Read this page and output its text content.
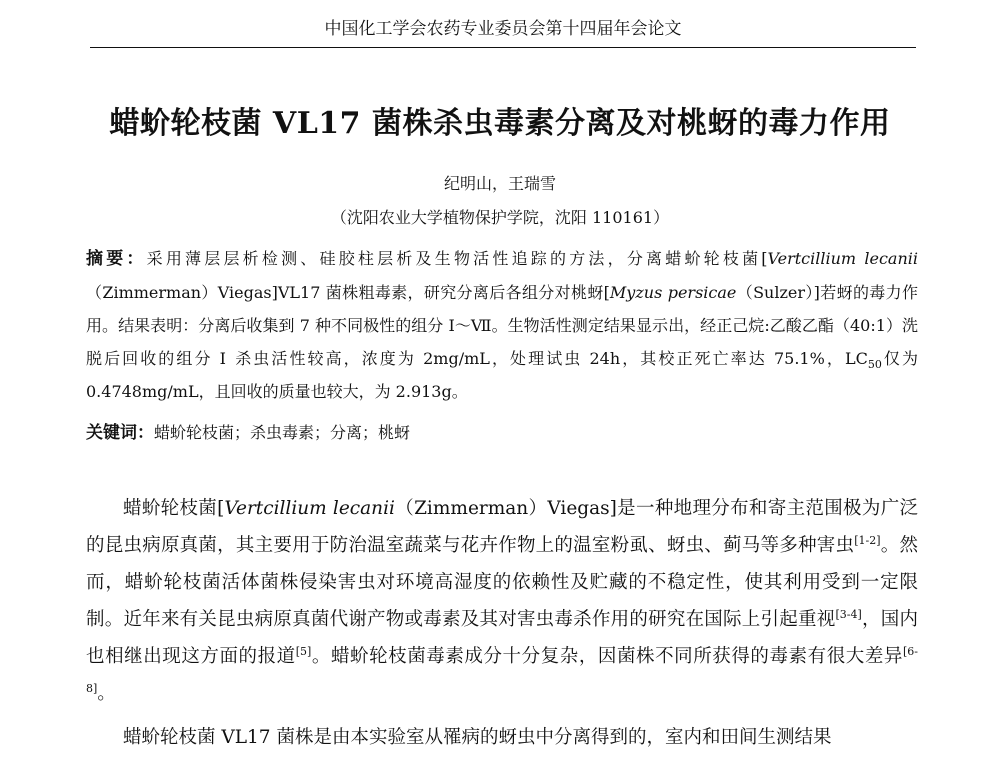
中国化工学会农药专业委员会第十四届年会论文
蜡蚧轮枝菌 VL17 菌株杀虫毒素分离及对桃蚜的毒力作用
纪明山，王瑞雪
（沈阳农业大学植物保护学院，沈阳 110161）
摘要：采用薄层层析检测、硅胶柱层析及生物活性追踪的方法，分离蜡蚧轮枝菌[Vertcillium lecanii（Zimmerman）Viegas]VL17 菌株粗毒素，研究分离后各组分对桃蚜[Myzus persicae（Sulzer）]若蚜的毒力作用。结果表明：分离后收集到 7 种不同极性的组分 Ⅰ～Ⅶ。生物活性测定结果显示出，经正己烷:乙酸乙酯（40:1）洗脱后回收的组分 Ⅰ 杀虫活性较高，浓度为 2mg/mL，处理试虫 24h，其校正死亡率达 75.1%，$LC_{50}$仅为 0.4748mg/mL，且回收的质量也较大，为 2.913g。
关键词：蜡蚧轮枝菌；杀虫毒素；分离；桃蚜

蜡蚧轮枝菌[Vertcillium lecanii（Zimmerman）Viegas]是一种地理分布和寄主范围极为广泛的昆虫病原真菌，其主要用于防治温室蔬菜与花卉作物上的温室粉虱、蚜虫、蓟马等多种害虫[1-2]。然而，蜡蚧轮枝菌活体菌株侵染害虫对环境高湿度的依赖性及贮藏的不稳定性，使其利用受到一定限制。近年来有关昆虫病原真菌代谢产物或毒素及其对害虫毒杀作用的研究在国际上引起重视[3-4]，国内也相继出现这方面的报道[5]。蜡蚧轮枝菌毒素成分十分复杂，因菌株不同所获得的毒素有很大差异[6-8]。

蜡蚧轮枝菌 VL17 菌株是由本实验室从罹病的蚜虫中分离得到的，室内和田间生测结果
